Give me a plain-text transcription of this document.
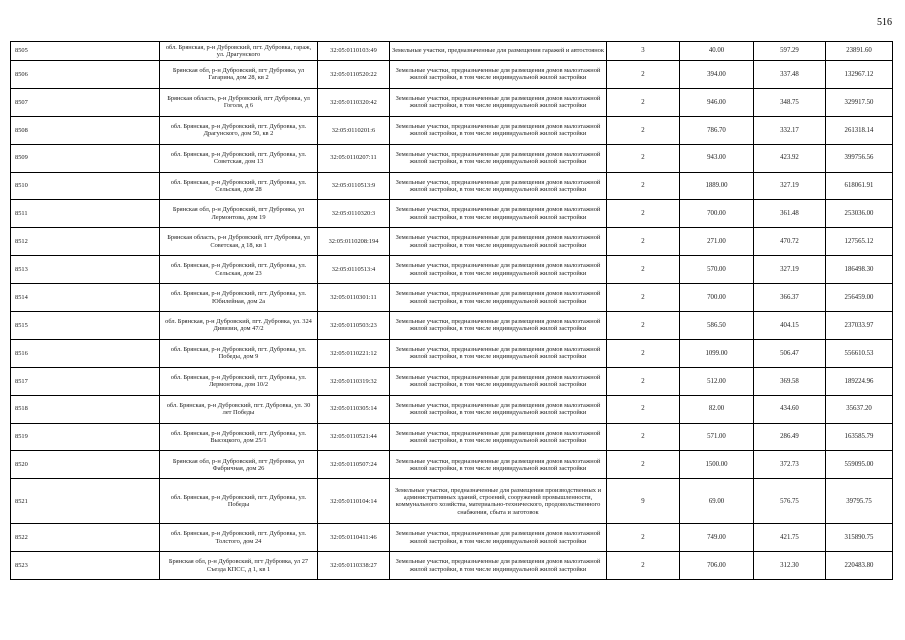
516
8505	обл. Брянская, р-н Дубровский, пгт. Дубровка, гараж, ул. Драгунского	32:05:0110103:49	Земельные участки, предназначенные для размещения гаражей и автостоянок	3	40.00	597.29	23891.60
8506	Брянская обл, р-н Дубровский, пгт Дубровка, ул Гагарина, дом 28, кв 2	32:05:0110520:22	Земельные участки, предназначенные для размещения домов малоэтажной жилой застройки, в том числе индивидуальной жилой застройки	2	394.00	337.48	132967.12
8507	Брянская область, р-н Дубровский, пгт Дубровка, ул Гоголя, д 6	32:05:0110320:42	Земельные участки, предназначенные для размещения домов малоэтажной жилой застройки, в том числе индивидуальной жилой застройки	2	946.00	348.75	329917.50
8508	обл. Брянская, р-н Дубровский, пгт. Дубровка, ул. Драгунского, дом 50, кв 2	32:05:0110201:6	Земельные участки, предназначенные для размещения домов малоэтажной жилой застройки, в том числе индивидуальной жилой застройки	2	786.70	332.17	261318.14
8509	обл. Брянская, р-н Дубровский, пгт. Дубровка, ул. Советская, дом 13	32:05:0110207:11	Земельные участки, предназначенные для размещения домов малоэтажной жилой застройки, в том числе индивидуальной жилой застройки	2	943.00	423.92	399756.56
8510	обл. Брянская, р-н Дубровский, пгт. Дубровка, ул. Сельская, дом 28	32:05:0110513:9	Земельные участки, предназначенные для размещения домов малоэтажной жилой застройки, в том числе индивидуальной жилой застройки	2	1889.00	327.19	618061.91
8511	Брянская обл, р-н Дубровский, пгт Дубровка, ул Лермонтова, дом 19	32:05:0110320:3	Земельные участки, предназначенные для размещения домов малоэтажной жилой застройки, в том числе индивидуальной жилой застройки	2	700.00	361.48	253036.00
8512	Брянская область, р-н Дубровский, пгт Дубровка, ул Советская, д 18, кв 1	32:05:0110208:194	Земельные участки, предназначенные для размещения домов малоэтажной жилой застройки, в том числе индивидуальной жилой застройки	2	271.00	470.72	127565.12
8513	обл. Брянская, р-н Дубровский, пгт. Дубровка, ул. Сельская, дом 23	32:05:0110513:4	Земельные участки, предназначенные для размещения домов малоэтажной жилой застройки, в том числе индивидуальной жилой застройки	2	570.00	327.19	186498.30
8514	обл. Брянская, р-н Дубровский, пгт. Дубровка, ул. Юбилейная, дом 2а	32:05:0110301:11	Земельные участки, предназначенные для размещения домов малоэтажной жилой застройки, в том числе индивидуальной жилой застройки	2	700.00	366.37	256459.00
8515	обл. Брянская, р-н Дубровский, пгт. Дубровка, ул. 324 Дивизии, дом 47/2	32:05:0110503:23	Земельные участки, предназначенные для размещения домов малоэтажной жилой застройки, в том числе индивидуальной жилой застройки	2	586.50	404.15	237033.97
8516	обл. Брянская, р-н Дубровский, пгт. Дубровка, ул. Победы, дом 9	32:05:0110221:12	Земельные участки, предназначенные для размещения домов малоэтажной жилой застройки, в том числе индивидуальной жилой застройки	2	1099.00	506.47	556610.53
8517	обл. Брянская, р-н Дубровский, пгт. Дубровка, ул. Лермонтова, дом 10/2	32:05:0110319:32	Земельные участки, предназначенные для размещения домов малоэтажной жилой застройки, в том числе индивидуальной жилой застройки	2	512.00	369.58	189224.96
8518	обл. Брянская, р-н Дубровский, пгт. Дубровка, ул. 30 лет Победы	32:05:0110305:14	Земельные участки, предназначенные для размещения домов малоэтажной жилой застройки, в том числе индивидуальной жилой застройки	2	82.00	434.60	35637.20
8519	обл. Брянская, р-н Дубровский, пгт. Дубровка, ул. Высоцкого, дом 25/1	32:05:0110521:44	Земельные участки, предназначенные для размещения домов малоэтажной жилой застройки, в том числе индивидуальной жилой застройки	2	571.00	286.49	163585.79
8520	Брянская обл, р-н Дубровский, пгт Дубровка, ул Фабричная, дом 26	32:05:0110507:24	Земельные участки, предназначенные для размещения домов малоэтажной жилой застройки, в том числе индивидуальной жилой застройки	2	1500.00	372.73	559095.00
8521	обл. Брянская, р-н Дубровский, пгт. Дубровка, ул. Победы	32:05:0110104:14	Земельные участки, предназначенные для размещения производственных и административных зданий, строений, сооружений промышленности, коммунального хозяйства, материально-технического, продовольственного снабжения, сбыта и заготовок	9	69.00	576.75	39795.75
8522	обл. Брянская, р-н Дубровский, пгт. Дубровка, ул. Толстого, дом 24	32:05:0110411:46	Земельные участки, предназначенные для размещения домов малоэтажной жилой застройки, в том числе индивидуальной жилой застройки	2	749.00	421.75	315890.75
8523	Брянская обл, р-н Дубровский, пгт Дубровка, ул 27 Съезда КПСС, д 1, кв 1	32:05:0110338:27	Земельные участки, предназначенные для размещения домов малоэтажной жилой застройки, в том числе индивидуальной жилой застройки	2	706.00	312.30	220483.80
